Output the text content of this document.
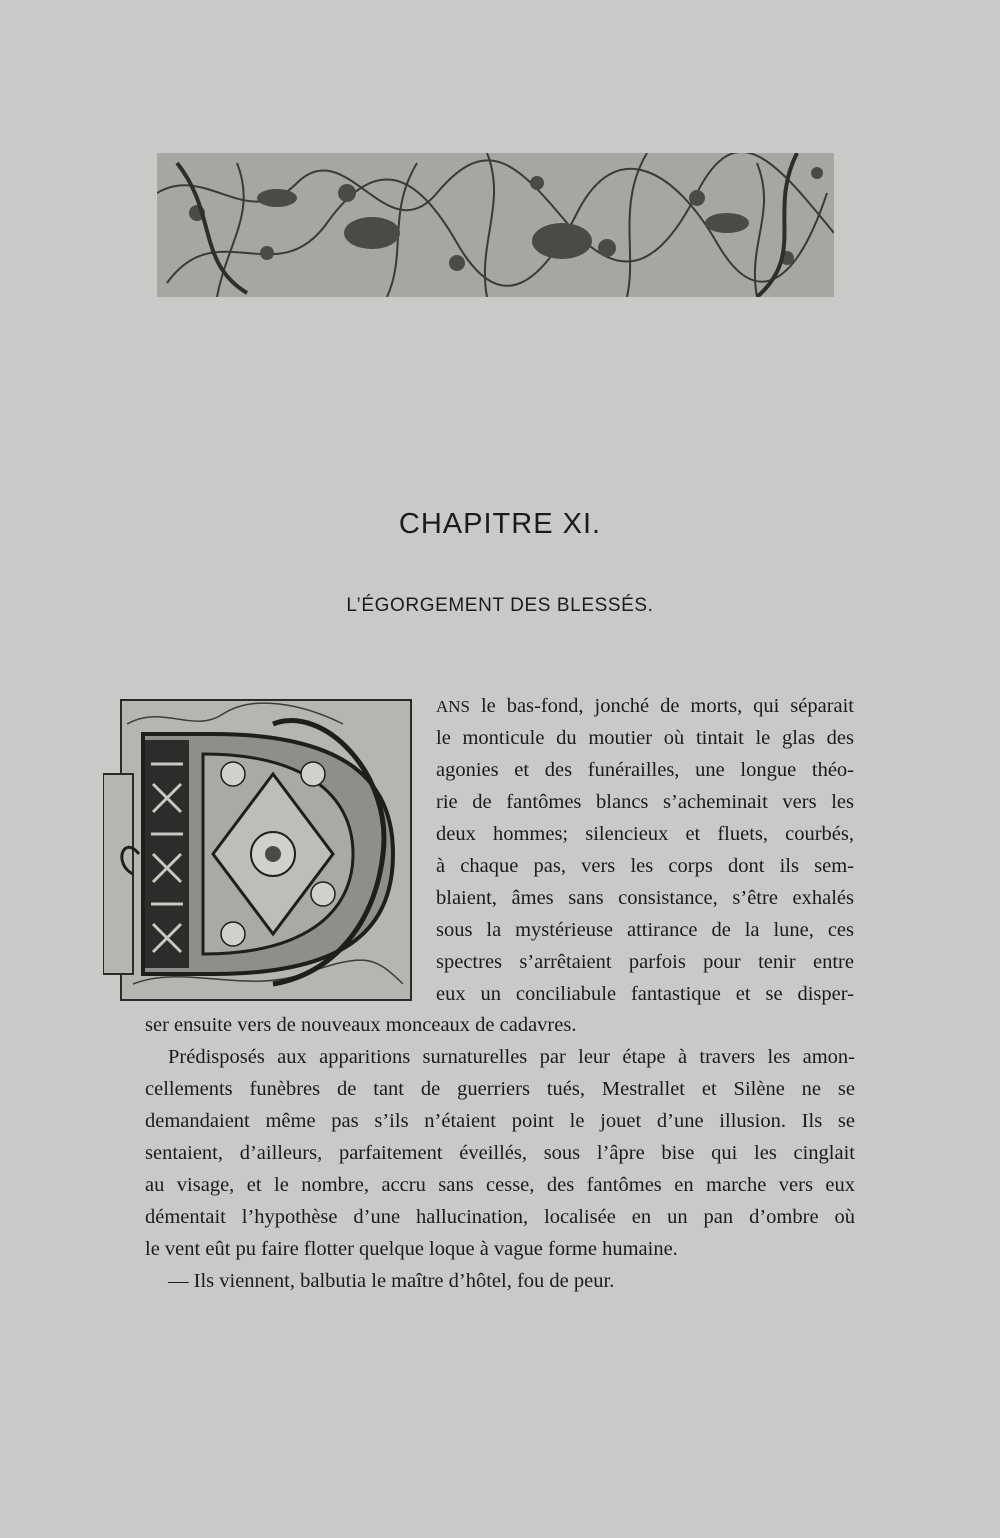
CHAPITRE XI.
L’ÉGORGEMENT DES BLESSÉS.
ANS le bas-fond, jonché de morts, qui séparait
le monticule du moutier où tintait le glas des
agonies et des funérailles, une longue théo-
rie de fantômes blancs s’acheminait vers les
deux hommes; silencieux et fluets, courbés,
à chaque pas, vers les corps dont ils sem-
blaient, âmes sans consistance, s’être exhalés
sous la mystérieuse attirance de la lune, ces
spectres s’arrêtaient parfois pour tenir entre
eux un conciliabule fantastique et se disper-
ser ensuite vers de nouveaux monceaux de cadavres.
Prédisposés aux apparitions surnaturelles par leur étape à travers les amon-
cellements funèbres de tant de guerriers tués, Mestrallet et Silène ne se
demandaient même pas s’ils n’étaient point le jouet d’une illusion. Ils se
sentaient, d’ailleurs, parfaitement éveillés, sous l’âpre bise qui les cinglait
au visage, et le nombre, accru sans cesse, des fantômes en marche vers eux
démentait l’hypothèse d’une hallucination, localisée en un pan d’ombre où
le vent eût pu faire flotter quelque loque à vague forme humaine.
— Ils viennent, balbutia le maître d’hôtel, fou de peur.
